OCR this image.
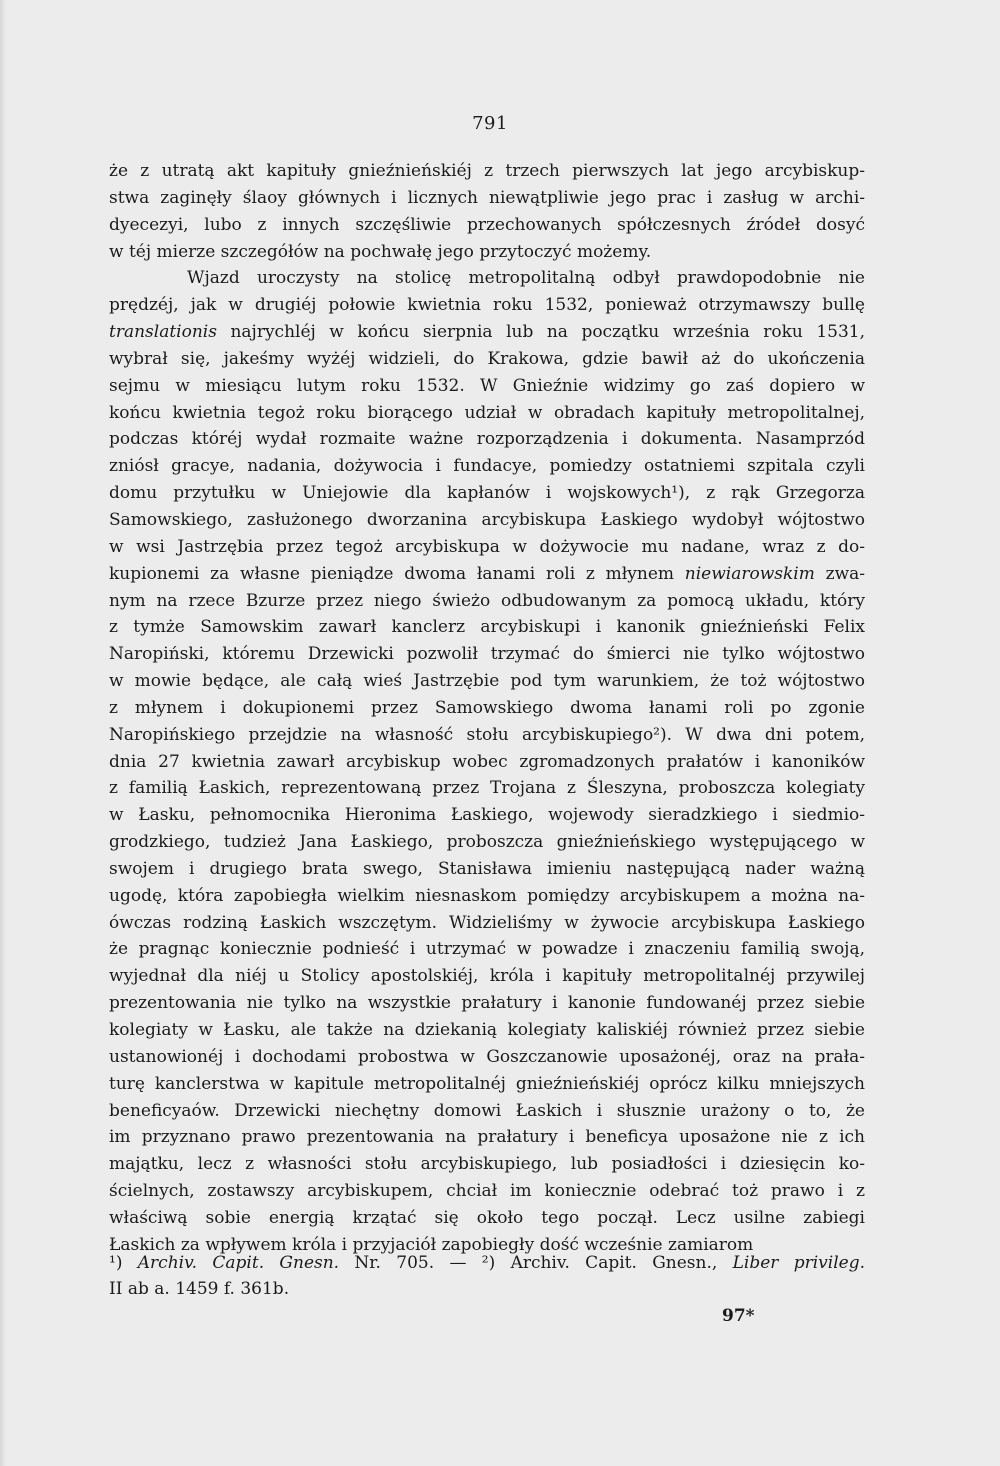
791
że z utratą akt kapituły gnieźnieńskiéj z trzech pierwszych lat jego arcybiskup-
stwa zaginęły ślaoy głównych i licznych niewątpliwie jego prac i zasług w archi-
dyecezyi, lubo z innych szczęśliwie przechowanych spółczesnych źródeł dosyć
w téj mierze szczegółów na pochwałę jego przytoczyć możemy.
Wjazd uroczysty na stolicę metropolitalną odbył prawdopodobnie nie
prędzéj, jak w drugiéj połowie kwietnia roku 1532, ponieważ otrzymawszy bullę
translationis najrychléj w końcu sierpnia lub na początku września roku 1531,
wybrał się, jakeśmy wyżéj widzieli, do Krakowa, gdzie bawił aż do ukończenia
sejmu w miesiącu lutym roku 1532. W Gnieźnie widzimy go zaś dopiero w
końcu kwietnia tegoż roku biorącego udział w obradach kapituły metropolitalnej,
podczas któréj wydał rozmaite ważne rozporządzenia i dokumenta. Nasamprzód
zniósł gracye, nadania, dożywocia i fundacye, pomiedzy ostatniemi szpitala czyli
domu przytułku w Uniejowie dla kapłanów i wojskowych¹), z rąk Grzegorza
Samowskiego, zasłużonego dworzanina arcybiskupa Łaskiego wydobył wójtostwo
w wsi Jastrzębia przez tegoż arcybiskupa w dożywocie mu nadane, wraz z do-
kupionemi za własne pieniądze dwoma łanami roli z młynem niewiarowskim zwa-
nym na rzece Bzurze przez niego świeżo odbudowanym za pomocą układu, który
z tymże Samowskim zawarł kanclerz arcybiskupi i kanonik gnieźnieński Felix
Naropiński, któremu Drzewicki pozwolił trzymać do śmierci nie tylko wójtostwo
w mowie będące, ale całą wieś Jastrzębie pod tym warunkiem, że toż wójtostwo
z młynem i dokupionemi przez Samowskiego dwoma łanami roli po zgonie
Naropińskiego przejdzie na własność stołu arcybiskupiego²). W dwa dni potem,
dnia 27 kwietnia zawarł arcybiskup wobec zgromadzonych prałatów i kanoników
z familią Łaskich, reprezentowaną przez Trojana z Śleszyna, proboszcza kolegiaty
w Łasku, pełnomocnika Hieronima Łaskiego, wojewody sieradzkiego i siedmio-
grodzkiego, tudzież Jana Łaskiego, proboszcza gnieźnieńskiego występującego w
swojem i drugiego brata swego, Stanisława imieniu następującą nader ważną
ugodę, która zapobiegła wielkim niesnaskom pomiędzy arcybiskupem a można na-
ówczas rodziną Łaskich wszczętym. Widzieliśmy w żywocie arcybiskupa Łaskiego
że pragnąc koniecznie podnieść i utrzymać w powadze i znaczeniu familią swoją,
wyjednał dla niéj u Stolicy apostolskiéj, króla i kapituły metropolitalnéj przywilej
prezentowania nie tylko na wszystkie prałatury i kanonie fundowanéj przez siebie
kolegiaty w Łasku, ale także na dziekanią kolegiaty kaliskiéj również przez siebie
ustanowionéj i dochodami probostwa w Goszczanowie uposażonéj, oraz na prała-
turę kanclerstwa w kapitule metropolitalnéj gnieźnieńskiéj oprócz kilku mniejszych
beneficyaów. Drzewicki niechętny domowi Łaskich i słusznie urażony o to, że
im przyznano prawo prezentowania na prałatury i beneficya uposażone nie z ich
majątku, lecz z własności stołu arcybiskupiego, lub posiadłości i dziesięcin ko-
ścielnych, zostawszy arcybiskupem, chciał im koniecznie odebrać toż prawo i z
właściwą sobie energią krzątać się około tego począł. Lecz usilne zabiegi
Łaskich za wpływem króla i przyjaciół zapobiegły dość wcześnie zamiarom
¹) Archiv. Capit. Gnesn. Nr. 705. — ²) Archiv. Capit. Gnesn., Liber privileg.
II ab a. 1459 f. 361b.
97*
